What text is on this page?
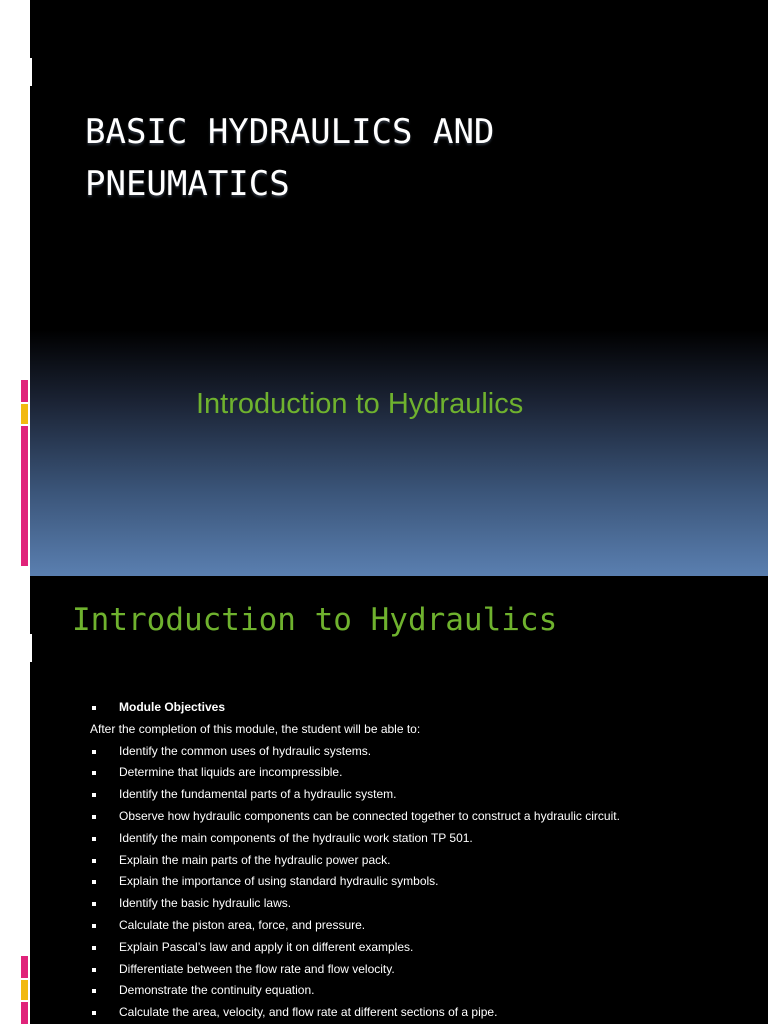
BASIC HYDRAULICS AND
PNEUMATICS
Introduction to Hydraulics
Introduction to Hydraulics
Module Objectives
After the completion of this module, the student will be able to:
Identify the common uses of hydraulic systems.
Determine that liquids are incompressible.
Identify the fundamental parts of a hydraulic system.
Observe how hydraulic components can be connected together to construct a hydraulic circuit.
Identify the main components of the hydraulic work station TP 501.
Explain the main parts of the hydraulic power pack.
Explain the importance of using standard hydraulic symbols.
Identify the basic hydraulic laws.
Calculate the piston area, force, and pressure.
Explain Pascal’s law and apply it on different examples.
Differentiate between the flow rate and flow velocity.
Demonstrate the continuity equation.
Calculate the area, velocity, and flow rate at different sections of a pipe.
